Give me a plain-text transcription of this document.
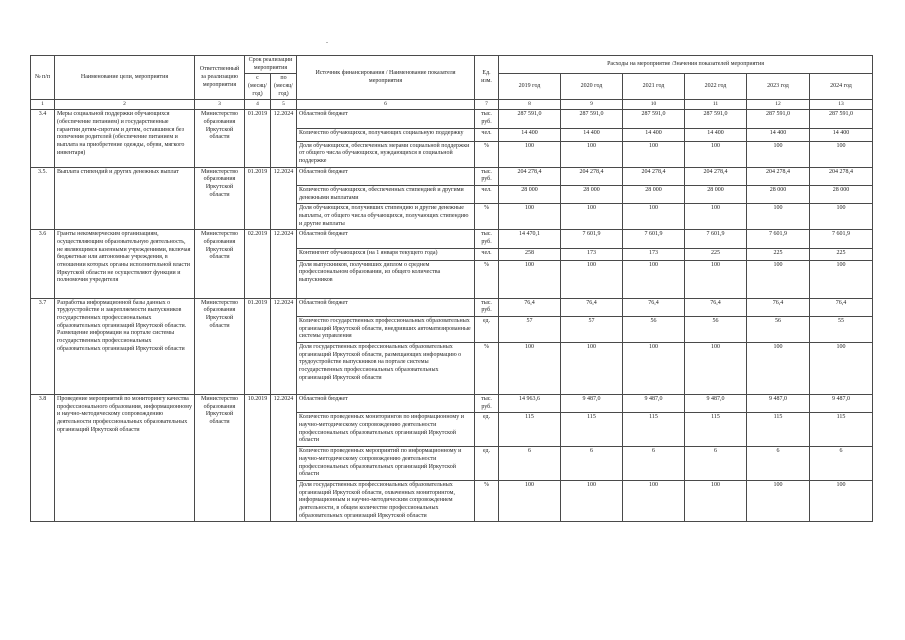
.
№ п/п	Наименование цели, мероприятия	Ответственный за реализацию мероприятия	Срок реализации мероприятия		Источник финансирования / Наименование показателя мероприятия	Ед. изм.	Расходы на мероприятие /Значения показателей мероприятия					
			с (месяц/ год)	по (месяц/ год)			2019 год	2020 год	2021 год	2022 год	2023 год	2024 год
1	2	3	4	5	6	7	8	9	10	11	12	13
3.4	Меры социальной поддержки обучающихся (обеспечение питанием) и государственные гарантии детям-сиротам и детям, оставшимся без попечения родителей (обеспечение питанием и выплата на приобретение одежды, обуви, мягкого инвентаря)	Министерство образования Иркутской области	01.2019	12.2024	Областной бюджет	тыс. руб.	287 591,0	287 591,0	287 591,0	287 591,0	287 591,0	287 591,0
					Количество обучающихся, получающих социальную поддержку	чел.	14 400	14 400	14 400	14 400	14 400	14 400
					Доля обучающихся, обеспеченных мерами социальной поддержки от общего числа обучающихся, нуждающихся в социальной поддержке	%	100	100	100	100	100	100
3.5.	Выплата стипендий и других денежных выплат	Министерство образования Иркутской области	01.2019	12.2024	Областной бюджет	тыс. руб.	204 278,4	204 278,4	204 278,4	204 278,4	204 278,4	204 278,4
					Количество обучающихся, обеспеченных стипендией и другими денежными выплатами	чел.	28 000	28 000	28 000	28 000	28 000	28 000
					Доля обучающихся, получивших стипендию и другие денежные выплаты, от общего числа обучающихся, получающих стипендию и другие выплаты	%	100	100	100	100	100	100
3.6	Гранты некоммерческим организациям, осуществляющим образовательную деятельность, не являющимся казенными учреждениями, включая бюджетные или автономные учреждения, в отношении которых органы исполнительной власти Иркутской области не осуществляют функции и полномочия учредителя	Министерство образования Иркутской области	02.2019	12.2024	Областной бюджет	тыс. руб.	14 470,1	7 601,9	7 601,9	7 601,9	7 601,9	7 601,9
					Контингент обучающихся (на 1 января текущего года)	чел.	258	173	173	225	225	225
					Доля выпускников, получивших диплом о среднем профессиональном образовании, из общего количества выпускников	%	100	100	100	100	100	100
3.7	Разработка информационной базы данных о трудоустройстве и закрепляемости выпускников государственных профессиональных образовательных организаций Иркутской области. Размещение информации на портале системы государственных профессиональных образовательных организаций Иркутской области	Министерство образования Иркутской области	01.2019	12.2024	Областной бюджет	тыс. руб.	76,4	76,4	76,4	76,4	76,4	76,4
					Количество государственных профессиональных образовательных организаций Иркутской области, внедривших автоматизированные системы управления	ед.	57	57	56	56	56	55
					Доля государственных профессиональных образовательных организаций Иркутской области, размещающих информацию о трудоустройстве выпускников на портале системы государственных профессиональных образовательных организаций Иркутской области	%	100	100	100	100	100	100
3.8	Проведение мероприятий по мониторингу качества профессионального образования, информационному и научно-методическому сопровождению деятельности профессиональных образовательных организаций Иркутской области	Министерство образования Иркутской области	10.2019	12.2024	Областной бюджет	тыс. руб.	14 963,6	9 487,0	9 487,0	9 487,0	9 487,0	9 487,0
					Количество проведенных мониторингов по информационному и научно-методическому сопровождению деятельности профессиональных образовательных организаций Иркутской области	ед.	115	115	115	115	115	115
					Количество проведенных мероприятий по информационному и научно-методическому сопровождению деятельности профессиональных образовательных организаций Иркутской области	ед.	6	6	6	6	6	6
					Доля государственных профессиональных образовательных организаций Иркутской области, охваченных мониторингом, информационным и научно-методическим сопровождением деятельности, в общем количестве профессиональных образовательных организаций Иркутской области	%	100	100	100	100	100	100
